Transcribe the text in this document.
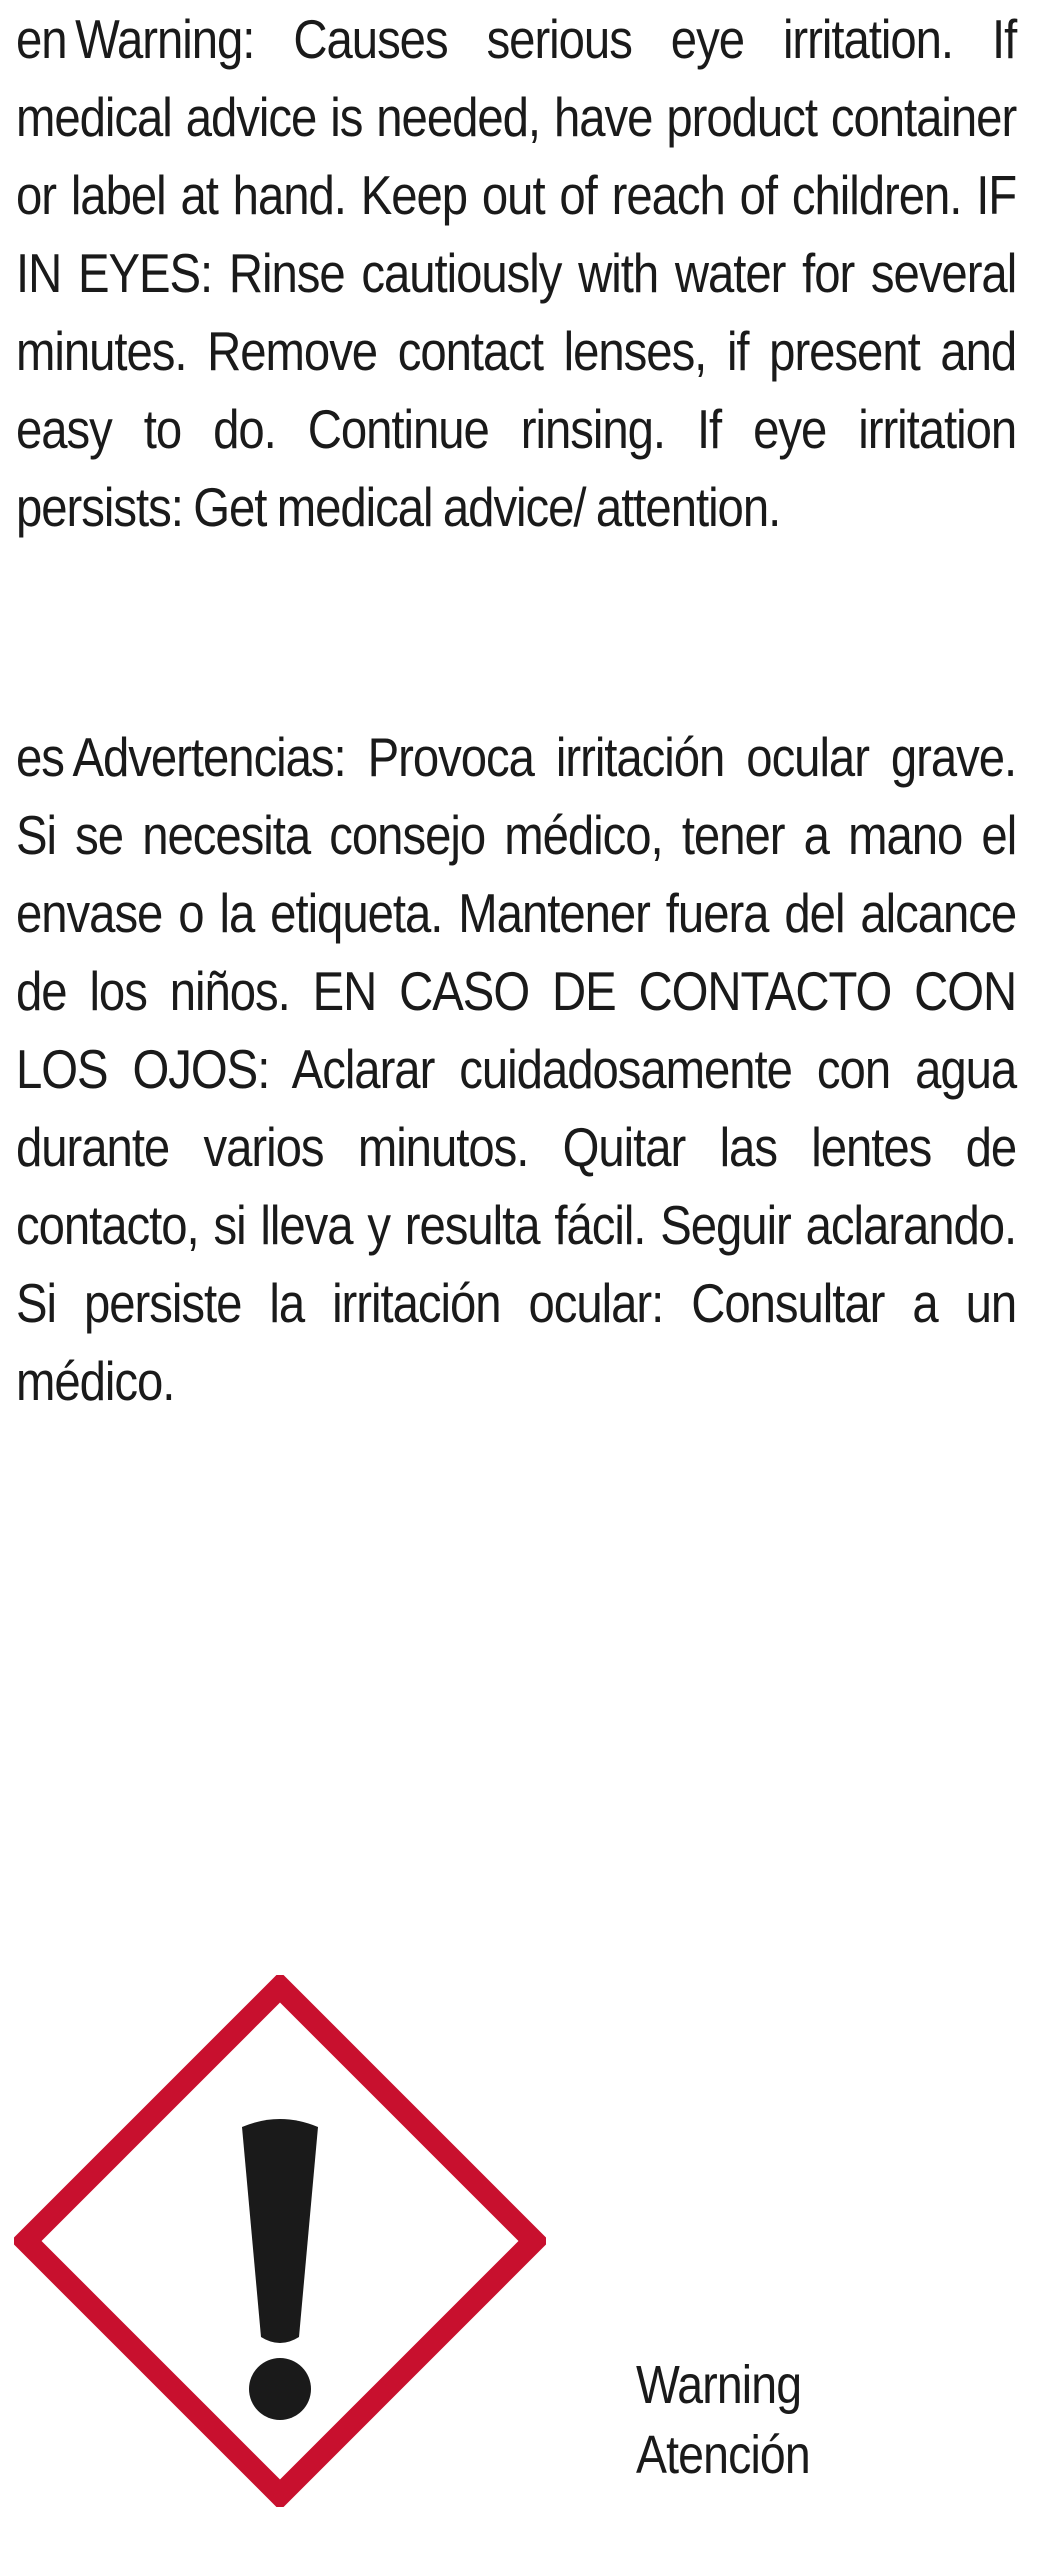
en Warning: Causes serious eye irritation. If medical advice is needed, have product container or label at hand. Keep out of reach of children. IF IN EYES: Rinse cautiously with water for several minutes. Remove contact lenses, if present and easy to do. Continue rinsing. If eye irritation persists: Get medical advice/ attention.

es Advertencias: Provoca irritación ocular grave. Si se necesita consejo médico, tener a mano el envase o la etiqueta. Mantener fuera del alcance de los niños. EN CASO DE CONTACTO CON LOS OJOS: Aclarar cuidadosamente con agua durante varios minutos. Quitar las lentes de contacto, si lleva y resulta fácil. Seguir aclarando. Si persiste la irritación ocular: Consultar a un médico.

Warning
Atención
